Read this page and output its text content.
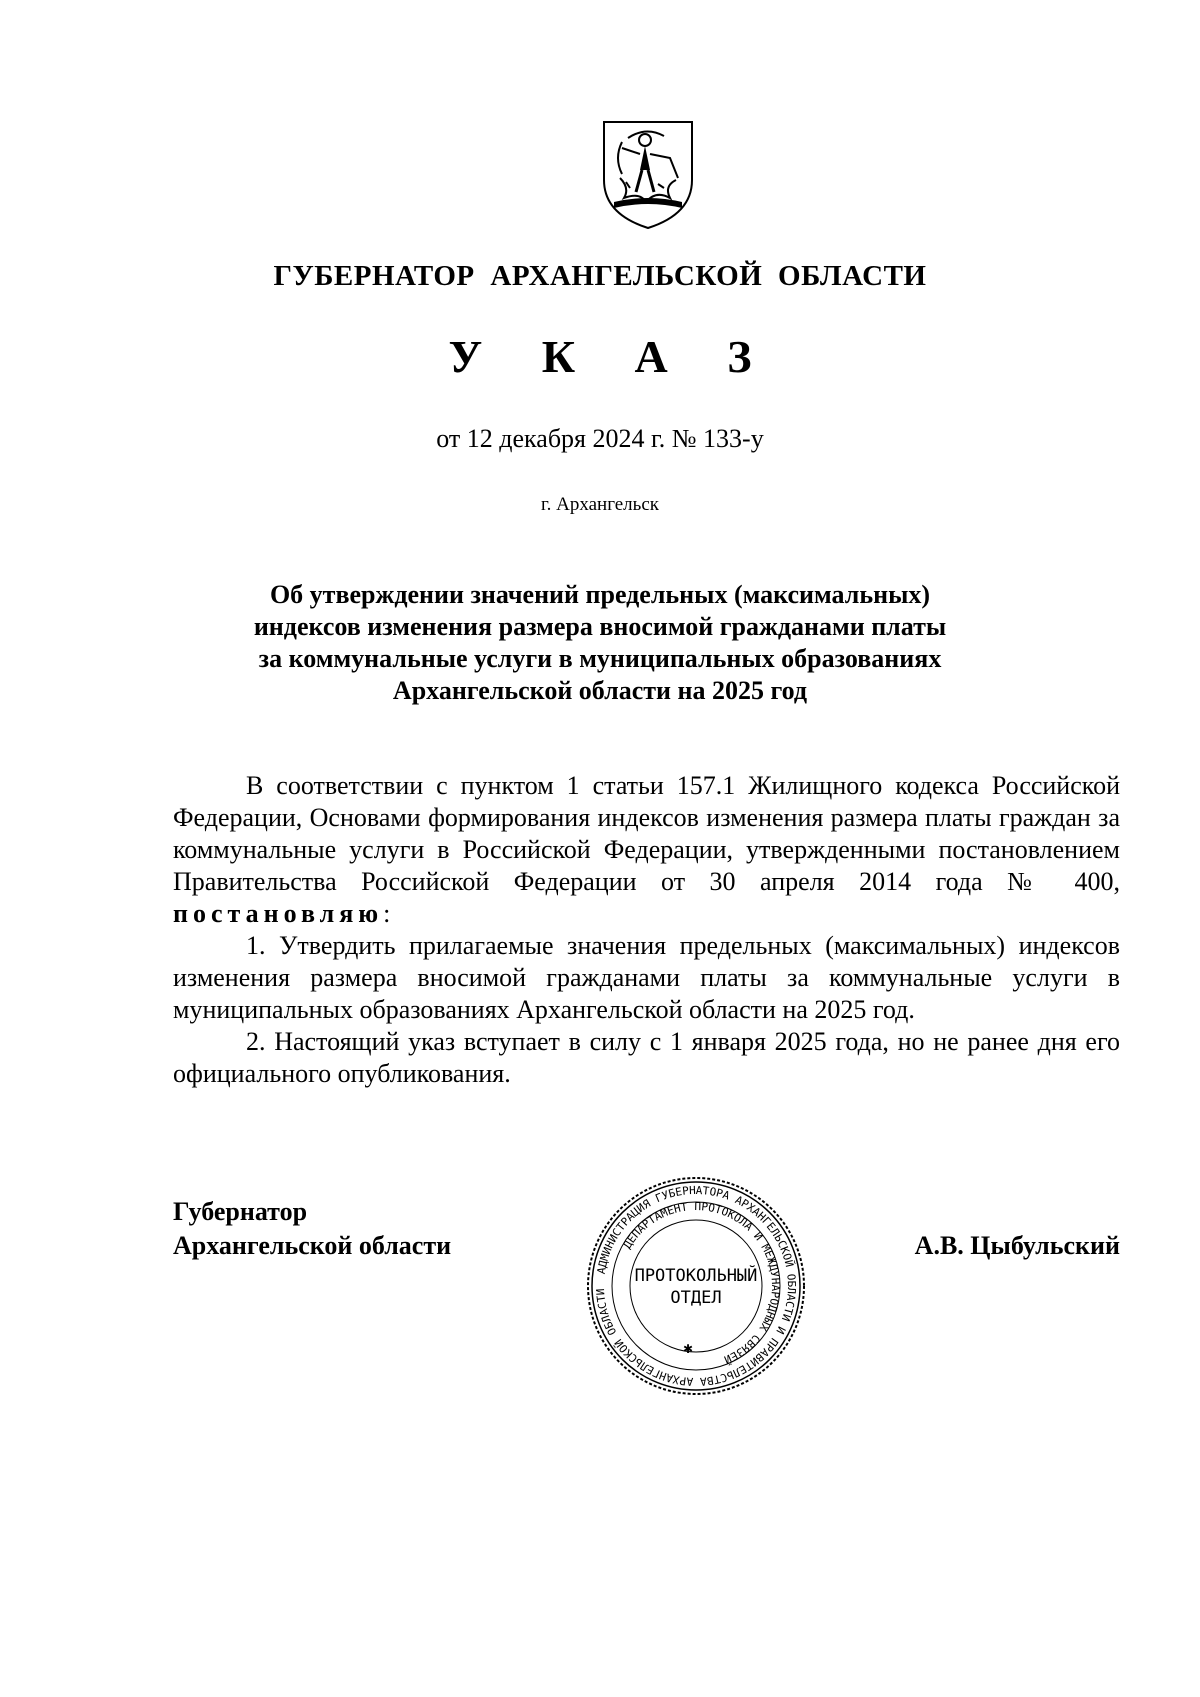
ГУБЕРНАТОР АРХАНГЕЛЬСКОЙ ОБЛАСТИ
У К А З
от 12 декабря 2024 г. № 133-у
г. Архангельск
Об утверждении значений предельных (максимальных)
индексов изменения размера вносимой гражданами платы
за коммунальные услуги в муниципальных образованиях
Архангельской области на 2025 год

В соответствии с пунктом 1 статьи 157.1 Жилищного кодекса Российской Федерации, Основами формирования индексов изменения размера платы граждан за коммунальные услуги в Российской Федерации, утвержденными постановлением Правительства Российской Федерации от 30 апреля 2014 года № 400, постановляю:

1. Утвердить прилагаемые значения предельных (максимальных) индексов изменения размера вносимой гражданами платы за коммунальные услуги в муниципальных образованиях Архангельской области на 2025 год.

2. Настоящий указ вступает в силу с 1 января 2025 года, но не ранее дня его официального опубликования.

Губернатор
Архангельской области
АДМИНИСТРАЦИЯ ГУБЕРНАТОРА АРХАНГЕЛЬСКОЙ ОБЛАСТИ И ПРАВИТЕЛЬСТВА АРХАНГЕЛЬСКОЙ ОБЛАСТИ
ДЕПАРТАМЕНТ ПРОТОКОЛА И МЕЖДУНАРОДНЫХ СВЯЗЕЙ
ПРОТОКОЛЬНЫЙ
ОТДЕЛ
✱
А.В. Цыбульский
